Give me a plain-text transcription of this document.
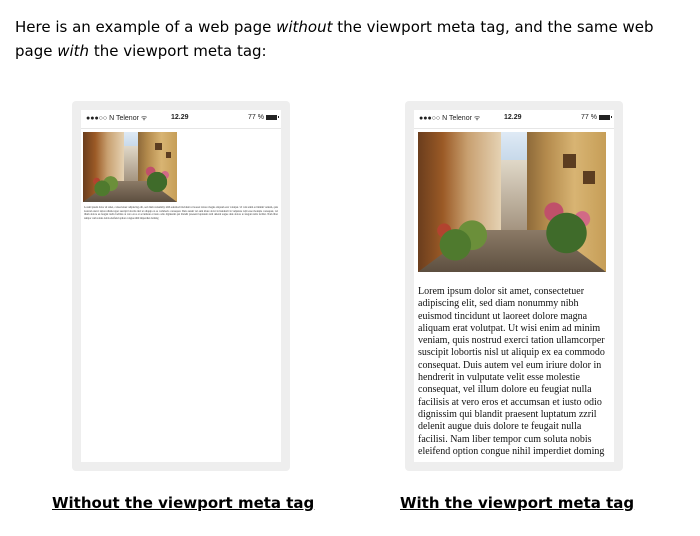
Here is an example of a web page without the viewport meta tag, and the same web page with the viewport meta tag:

●●●○○ N Telenor ᯤ	12.29	77 %
Lorem ipsum dolor sit amet, consectetuer adipiscing elit, sed diam nonummy nibh euismod tincidunt ut laoreet dolore magna aliquam erat volutpat. Ut wisi enim ad minim veniam, quis nostrud exerci tation ullamcorper suscipit lobortis nisl ut aliquip ex ea commodo consequat. Duis autem vel eum iriure dolor in hendrerit in vulputate velit esse molestie consequat, vel illum dolore eu feugiat nulla facilisis at vero eros et accumsan et iusto odio dignissim qui blandit praesent luptatum zzril delenit augue duis dolore te feugait nulla facilisi. Nam liber tempor cum soluta nobis eleifend option congue nihil imperdiet doming
●●●○○ N Telenor ᯤ	12.29	77 %
Lorem ipsum dolor sit amet, consectetuer adipiscing elit, sed diam nonummy nibh euismod tincidunt ut laoreet dolore magna aliquam erat volutpat. Ut wisi enim ad minim veniam, quis nostrud exerci tation ullamcorper suscipit lobortis nisl ut aliquip ex ea commodo consequat. Duis autem vel eum iriure dolor in hendrerit in vulputate velit esse molestie consequat, vel illum dolore eu feugiat nulla facilisis at vero eros et accumsan et iusto odio dignissim qui blandit praesent luptatum zzril delenit augue duis dolore te feugait nulla facilisi. Nam liber tempor cum soluta nobis eleifend option congue nihil imperdiet doming
Without the viewport meta tag	With the viewport meta tag
